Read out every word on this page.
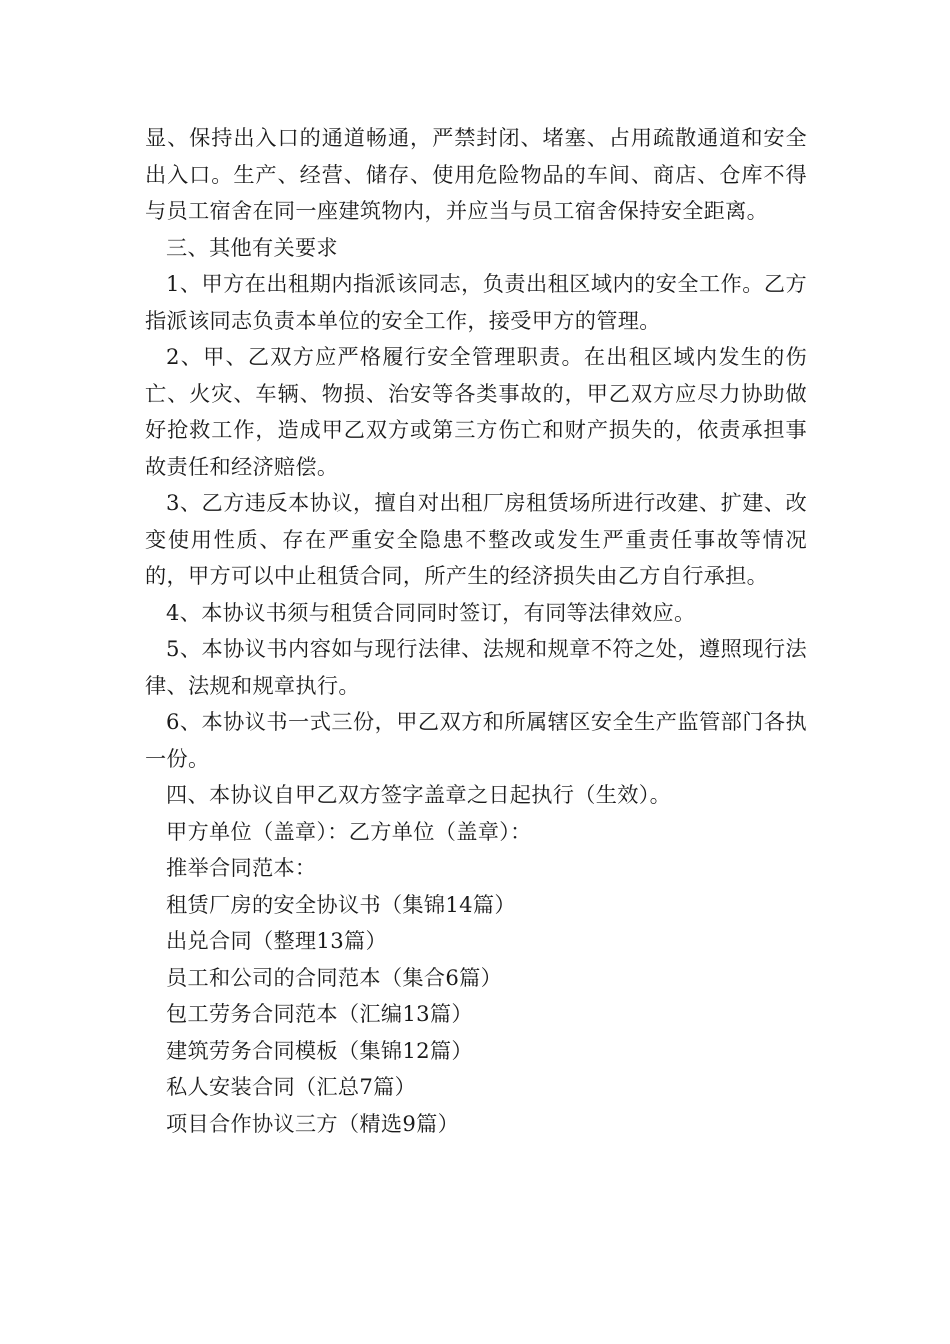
显、保持出入口的通道畅通，严禁封闭、堵塞、占用疏散通道和安全出入口。生产、经营、储存、使用危险物品的车间、商店、仓库不得与员工宿舍在同一座建筑物内，并应当与员工宿舍保持安全距离。

三、其他有关要求

1、甲方在出租期内指派该同志，负责出租区域内的安全工作。乙方指派该同志负责本单位的安全工作，接受甲方的管理。

2、甲、乙双方应严格履行安全管理职责。在出租区域内发生的伤亡、火灾、车辆、物损、治安等各类事故的，甲乙双方应尽力协助做好抢救工作，造成甲乙双方或第三方伤亡和财产损失的，依责承担事故责任和经济赔偿。

3、乙方违反本协议，擅自对出租厂房租赁场所进行改建、扩建、改变使用性质、存在严重安全隐患不整改或发生严重责任事故等情况的，甲方可以中止租赁合同，所产生的经济损失由乙方自行承担。

4、本协议书须与租赁合同同时签订，有同等法律效应。

5、本协议书内容如与现行法律、法规和规章不符之处，遵照现行法律、法规和规章执行。

6、本协议书一式三份，甲乙双方和所属辖区安全生产监管部门各执一份。

四、本协议自甲乙双方签字盖章之日起执行（生效）。

甲方单位（盖章）：乙方单位（盖章）：

推举合同范本：

租赁厂房的安全协议书（集锦14篇）

出兑合同（整理13篇）

员工和公司的合同范本（集合6篇）

包工劳务合同范本（汇编13篇）

建筑劳务合同模板（集锦12篇）

私人安装合同（汇总7篇）

项目合作协议三方（精选9篇）
